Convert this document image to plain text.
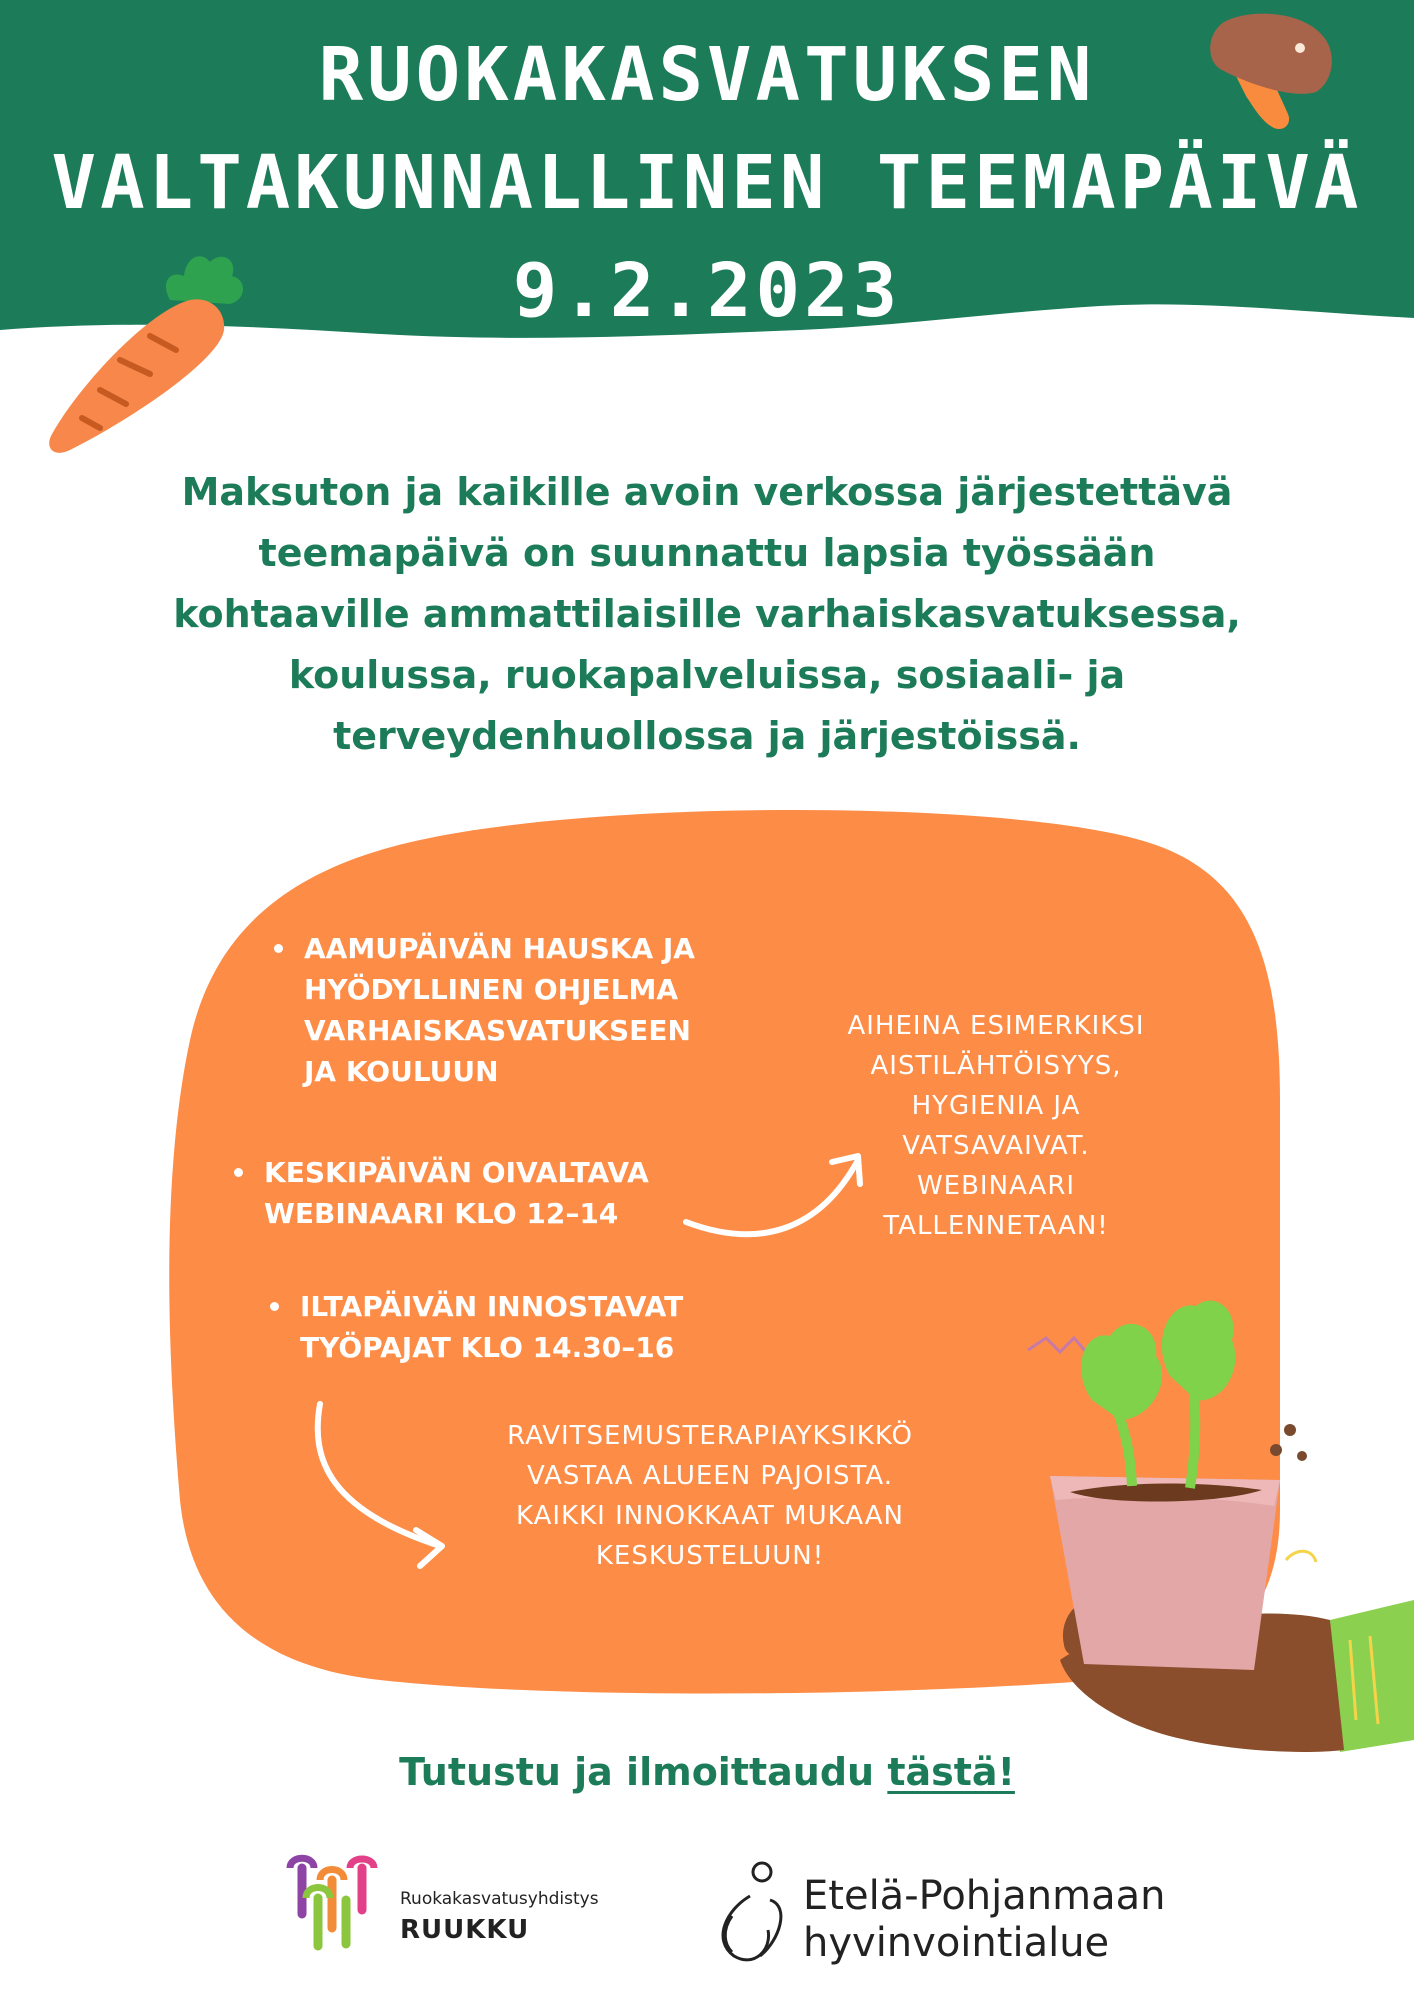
RUOKAKASVATUKSEN
VALTAKUNNALLINEN TEEMAPÄIVÄ
9.2.2023
Maksuton ja kaikille avoin verkossa järjestettävä
teemapäivä on suunnattu lapsia työssään
kohtaaville ammattilaisille varhaiskasvatuksessa,
koulussa, ruokapalveluissa, sosiaali- ja
terveydenhuollossa ja järjestöissä.
AAMUPÄIVÄN HAUSKA JA
HYÖDYLLINEN OHJELMA
VARHAISKASVATUKSEEN
JA KOULUUN
KESKIPÄIVÄN OIVALTAVA
WEBINAARI KLO 12–14
ILTAPÄIVÄN INNOSTAVAT
TYÖPAJAT KLO 14.30–16
AIHEINA ESIMERKIKSI
AISTILÄHTÖISYYS,
HYGIENIA JA
VATSAVAIVAT.
WEBINAARI
TALLENNETAAN!
RAVITSEMUSTERAPIAYKSIKKÖ
VASTAA ALUEEN PAJOISTA.
KAIKKI INNOKKAAT MUKAAN
KESKUSTELUUN!
Tutustu ja ilmoittaudu tästä!
Ruokakasvatusyhdistys
RUUKKU
Etelä-Pohjanmaan
hyvinvointialue
